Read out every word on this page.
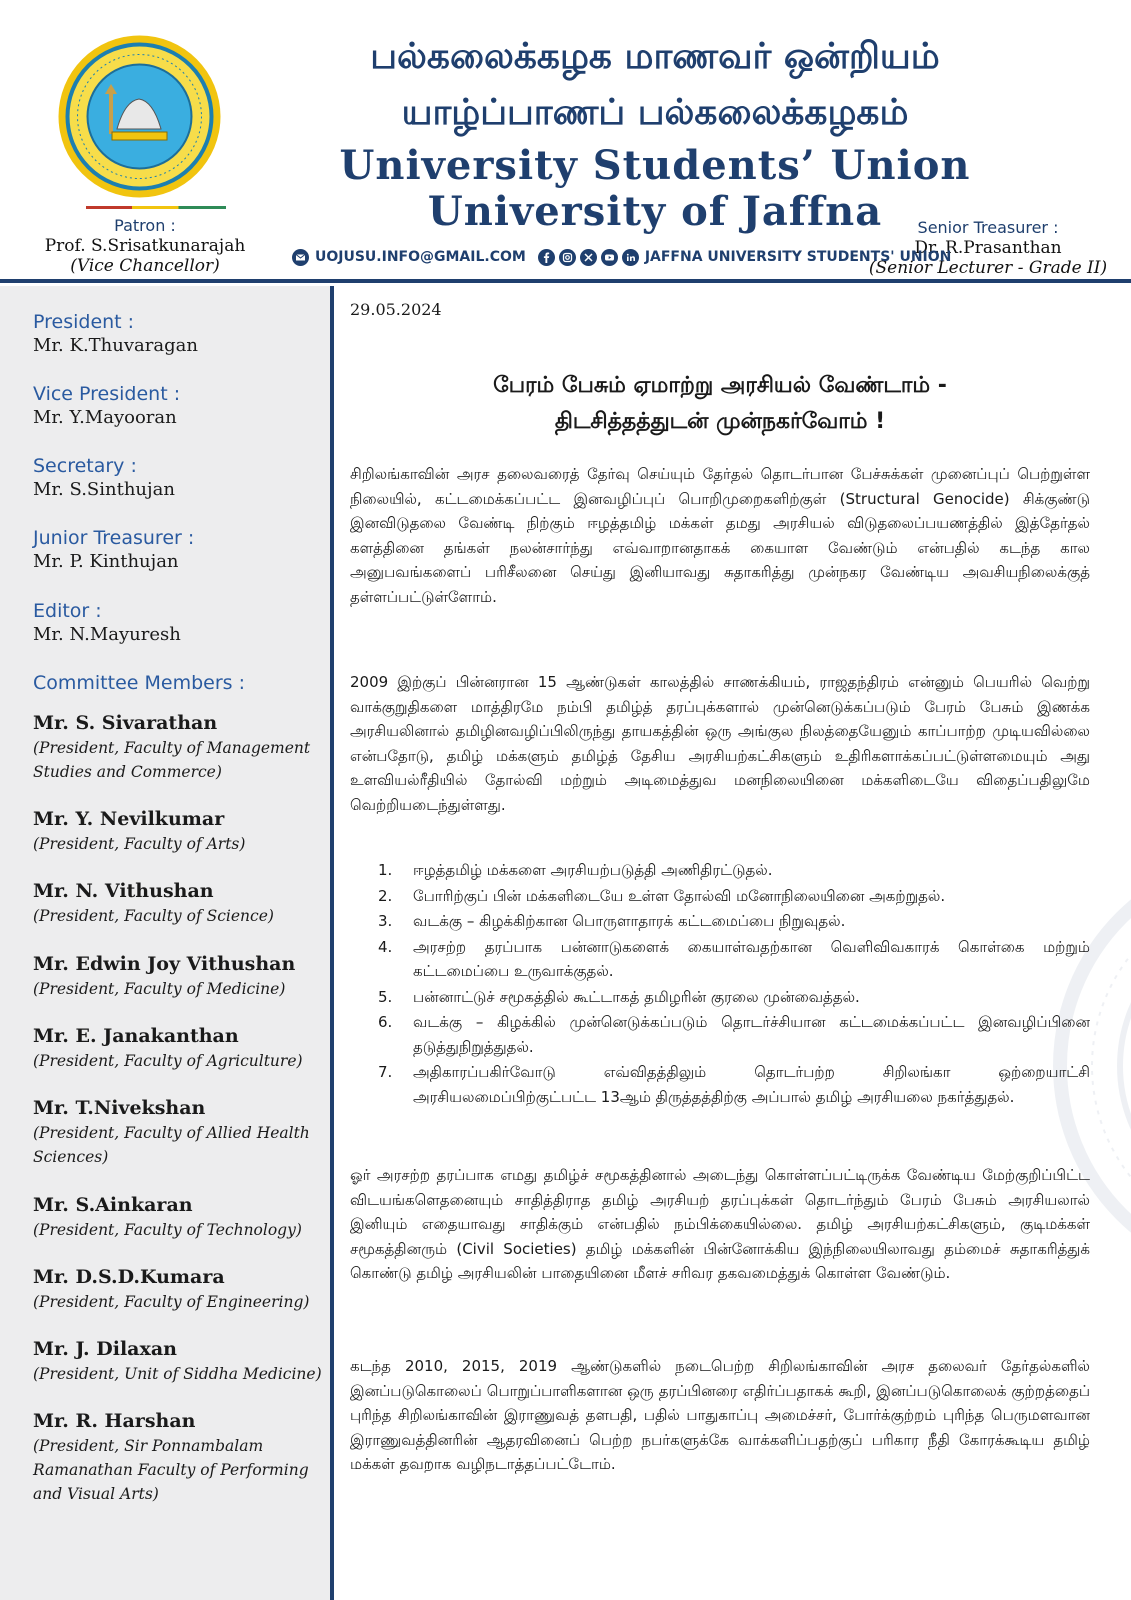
பல்கலைக்கழக மாணவர் ஒன்றியம்
யாழ்ப்பாணப் பல்கலைக்கழகம்
University Students’ Union
University of Jaffna
Patron :
Prof. S.Srisatkunarajah
(Vice Chancellor)
Senior Treasurer :
Dr. R.Prasanthan
(Senior Lecturer - Grade II)
UOJUSU.INFO@GMAIL.COM	JAFFNA UNIVERSITY STUDENTS' UNION
President :
Mr. K.Thuvaragan
Vice President :
Mr. Y.Mayooran
Secretary :
Mr. S.Sinthujan
Junior Treasurer :
Mr. P. Kinthujan
Editor :
Mr. N.Mayuresh
Committee Members :
Mr. S. Sivarathan
(President, Faculty of Management Studies and Commerce)
Mr. Y. Nevilkumar
(President, Faculty of Arts)
Mr. N. Vithushan
(President, Faculty of Science)
Mr. Edwin Joy Vithushan
(President, Faculty of Medicine)
Mr. E. Janakanthan
(President, Faculty of Agriculture)
Mr. T.Nivekshan
(President, Faculty of Allied Health Sciences)
Mr. S.Ainkaran
(President, Faculty of Technology)
Mr. D.S.D.Kumara
(President, Faculty of Engineering)
Mr. J. Dilaxan
(President, Unit of Siddha Medicine)
Mr. R. Harshan
(President, Sir Ponnambalam Ramanathan Faculty of Performing and Visual Arts)
29.05.2024
பேரம் பேசும் ஏமாற்று அரசியல் வேண்டாம் -
திடசித்தத்துடன் முன்நகர்வோம் !

சிறிலங்காவின் அரச தலைவரைத் தேர்வு செய்யும் தேர்தல் தொடர்பான பேச்சுக்கள் முனைப்புப் பெற்றுள்ள நிலையில், கட்டமைக்கப்பட்ட இனவழிப்புப் பொறிமுறைகளிற்குள் (Structural Genocide) சிக்குண்டு இனவிடுதலை வேண்டி நிற்கும் ஈழத்தமிழ் மக்கள் தமது அரசியல் விடுதலைப்பயணத்தில் இத்தேர்தல் களத்தினை தங்கள் நலன்சார்ந்து எவ்வாறானதாகக் கையாள வேண்டும் என்பதில் கடந்த கால அனுபவங்களைப் பரிசீலனை செய்து இனியாவது சுதாகரித்து முன்நகர வேண்டிய அவசியநிலைக்குத் தள்ளப்பட்டுள்ளோம்.

2009 இற்குப் பின்னரான 15 ஆண்டுகள் காலத்தில் சாணக்கியம், ராஜதந்திரம் என்னும் பெயரில் வெற்று வாக்குறுதிகளை மாத்திரமே நம்பி தமிழ்த் தரப்புக்களால் முன்னெடுக்கப்படும் பேரம் பேசும் இணக்க அரசியலினால் தமிழினவழிப்பிலிருந்து தாயகத்தின் ஒரு அங்குல நிலத்தையேனும் காப்பாற்ற முடியவில்லை என்பதோடு, தமிழ் மக்களும் தமிழ்த் தேசிய அரசியற்கட்சிகளும் உதிரிகளாக்கப்பட்டுள்ளமையும் அது உளவியல்ரீதியில் தோல்வி மற்றும் அடிமைத்துவ மனநிலையினை மக்களிடையே விதைப்பதிலுமே வெற்றியடைந்துள்ளது.

1.	ஈழத்தமிழ் மக்களை அரசியற்படுத்தி அணிதிரட்டுதல்.
2.	போரிற்குப் பின் மக்களிடையே உள்ள தோல்வி மனோநிலையினை அகற்றுதல்.
3.	வடக்கு – கிழக்கிற்கான பொருளாதாரக் கட்டமைப்பை நிறுவுதல்.
4.	அரசற்ற தரப்பாக பன்னாடுகளைக் கையாள்வதற்கான வெளிவிவகாரக் கொள்கை மற்றும் கட்டமைப்பை உருவாக்குதல்.
5.	பன்னாட்டுச் சமூகத்தில் கூட்டாகத் தமிழரின் குரலை முன்வைத்தல்.
6.	வடக்கு – கிழக்கில் முன்னெடுக்கப்படும் தொடர்ச்சியான கட்டமைக்கப்பட்ட இனவழிப்பினை தடுத்துநிறுத்துதல்.
7.	அதிகாரப்பகிர்வோடு எவ்விதத்திலும் தொடர்பற்ற சிறிலங்கா ஒற்றையாட்சி அரசியலமைப்பிற்குட்பட்ட 13ஆம் திருத்தத்திற்கு அப்பால் தமிழ் அரசியலை நகர்த்துதல்.

ஓர் அரசற்ற தரப்பாக எமது தமிழ்ச் சமூகத்தினால் அடைந்து கொள்ளப்பட்டிருக்க வேண்டிய மேற்குறிப்பிட்ட விடயங்களெதனையும் சாதித்திராத தமிழ் அரசியற் தரப்புக்கள் தொடர்ந்தும் பேரம் பேசும் அரசியலால் இனியும் எதையாவது சாதிக்கும் என்பதில் நம்பிக்கையில்லை. தமிழ் அரசியற்கட்சிகளும், குடிமக்கள் சமூகத்தினரும் (Civil Societies) தமிழ் மக்களின் பின்னோக்கிய இந்நிலையிலாவது தம்மைச் சுதாகரித்துக் கொண்டு தமிழ் அரசியலின் பாதையினை மீளச் சரிவர தகவமைத்துக் கொள்ள வேண்டும்.

கடந்த 2010, 2015, 2019 ஆண்டுகளில் நடைபெற்ற சிறிலங்காவின் அரச தலைவர் தேர்தல்களில் இனப்படுகொலைப் பொறுப்பாளிகளான ஒரு தரப்பினரை எதிர்ப்பதாகக் கூறி, இனப்படுகொலைக் குற்றத்தைப் புரிந்த சிறிலங்காவின் இராணுவத் தளபதி, பதில் பாதுகாப்பு அமைச்சர், போர்க்குற்றம் புரிந்த பெருமளவான இராணுவத்தினரின் ஆதரவினைப் பெற்ற நபர்களுக்கே வாக்களிப்பதற்குப் பரிகார நீதி கோரக்கூடிய தமிழ் மக்கள் தவறாக வழிநடாத்தப்பட்டோம்.
